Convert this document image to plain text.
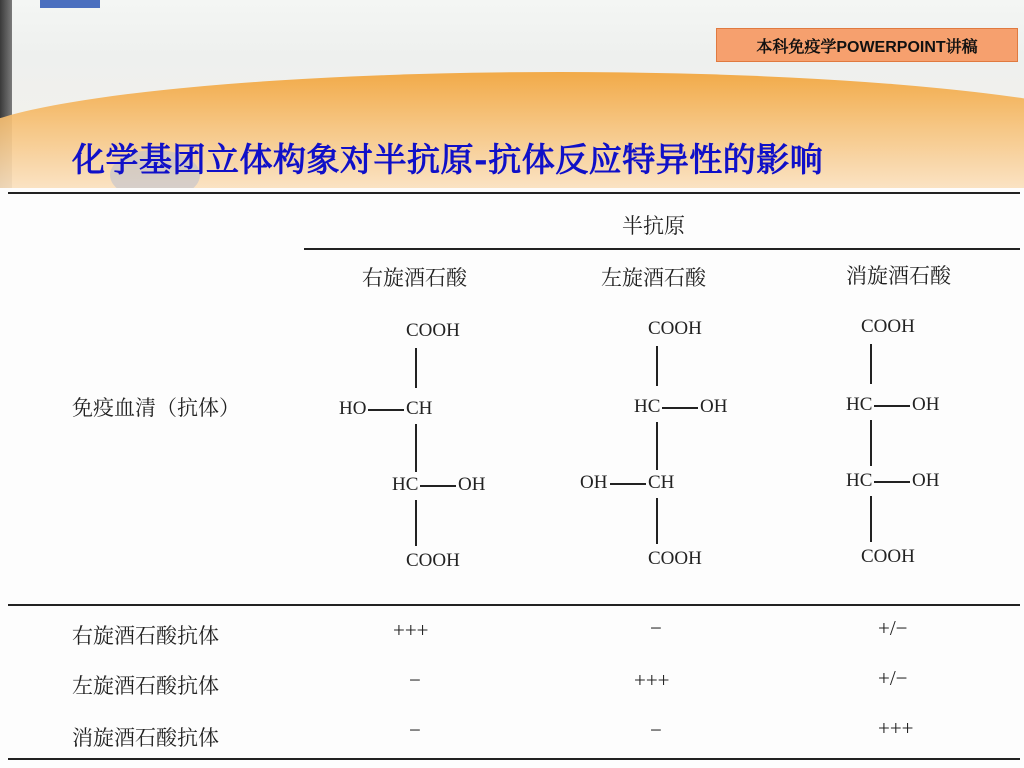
本科免疫学POWERPOINT讲稿
化学基团立体构象对半抗原-抗体反应特异性的影响
半抗原
右旋酒石酸	左旋酒石酸	消旋酒石酸
免疫血清（抗体）
COOH
HO CH
HC OH
COOH
COOH
HC OH
OH CH
COOH
COOH
HC OH
HC OH
COOH
右旋酒石酸抗体	+++	−	+/−
左旋酒石酸抗体	−	+++	+/−
消旋酒石酸抗体	−	−	+++
